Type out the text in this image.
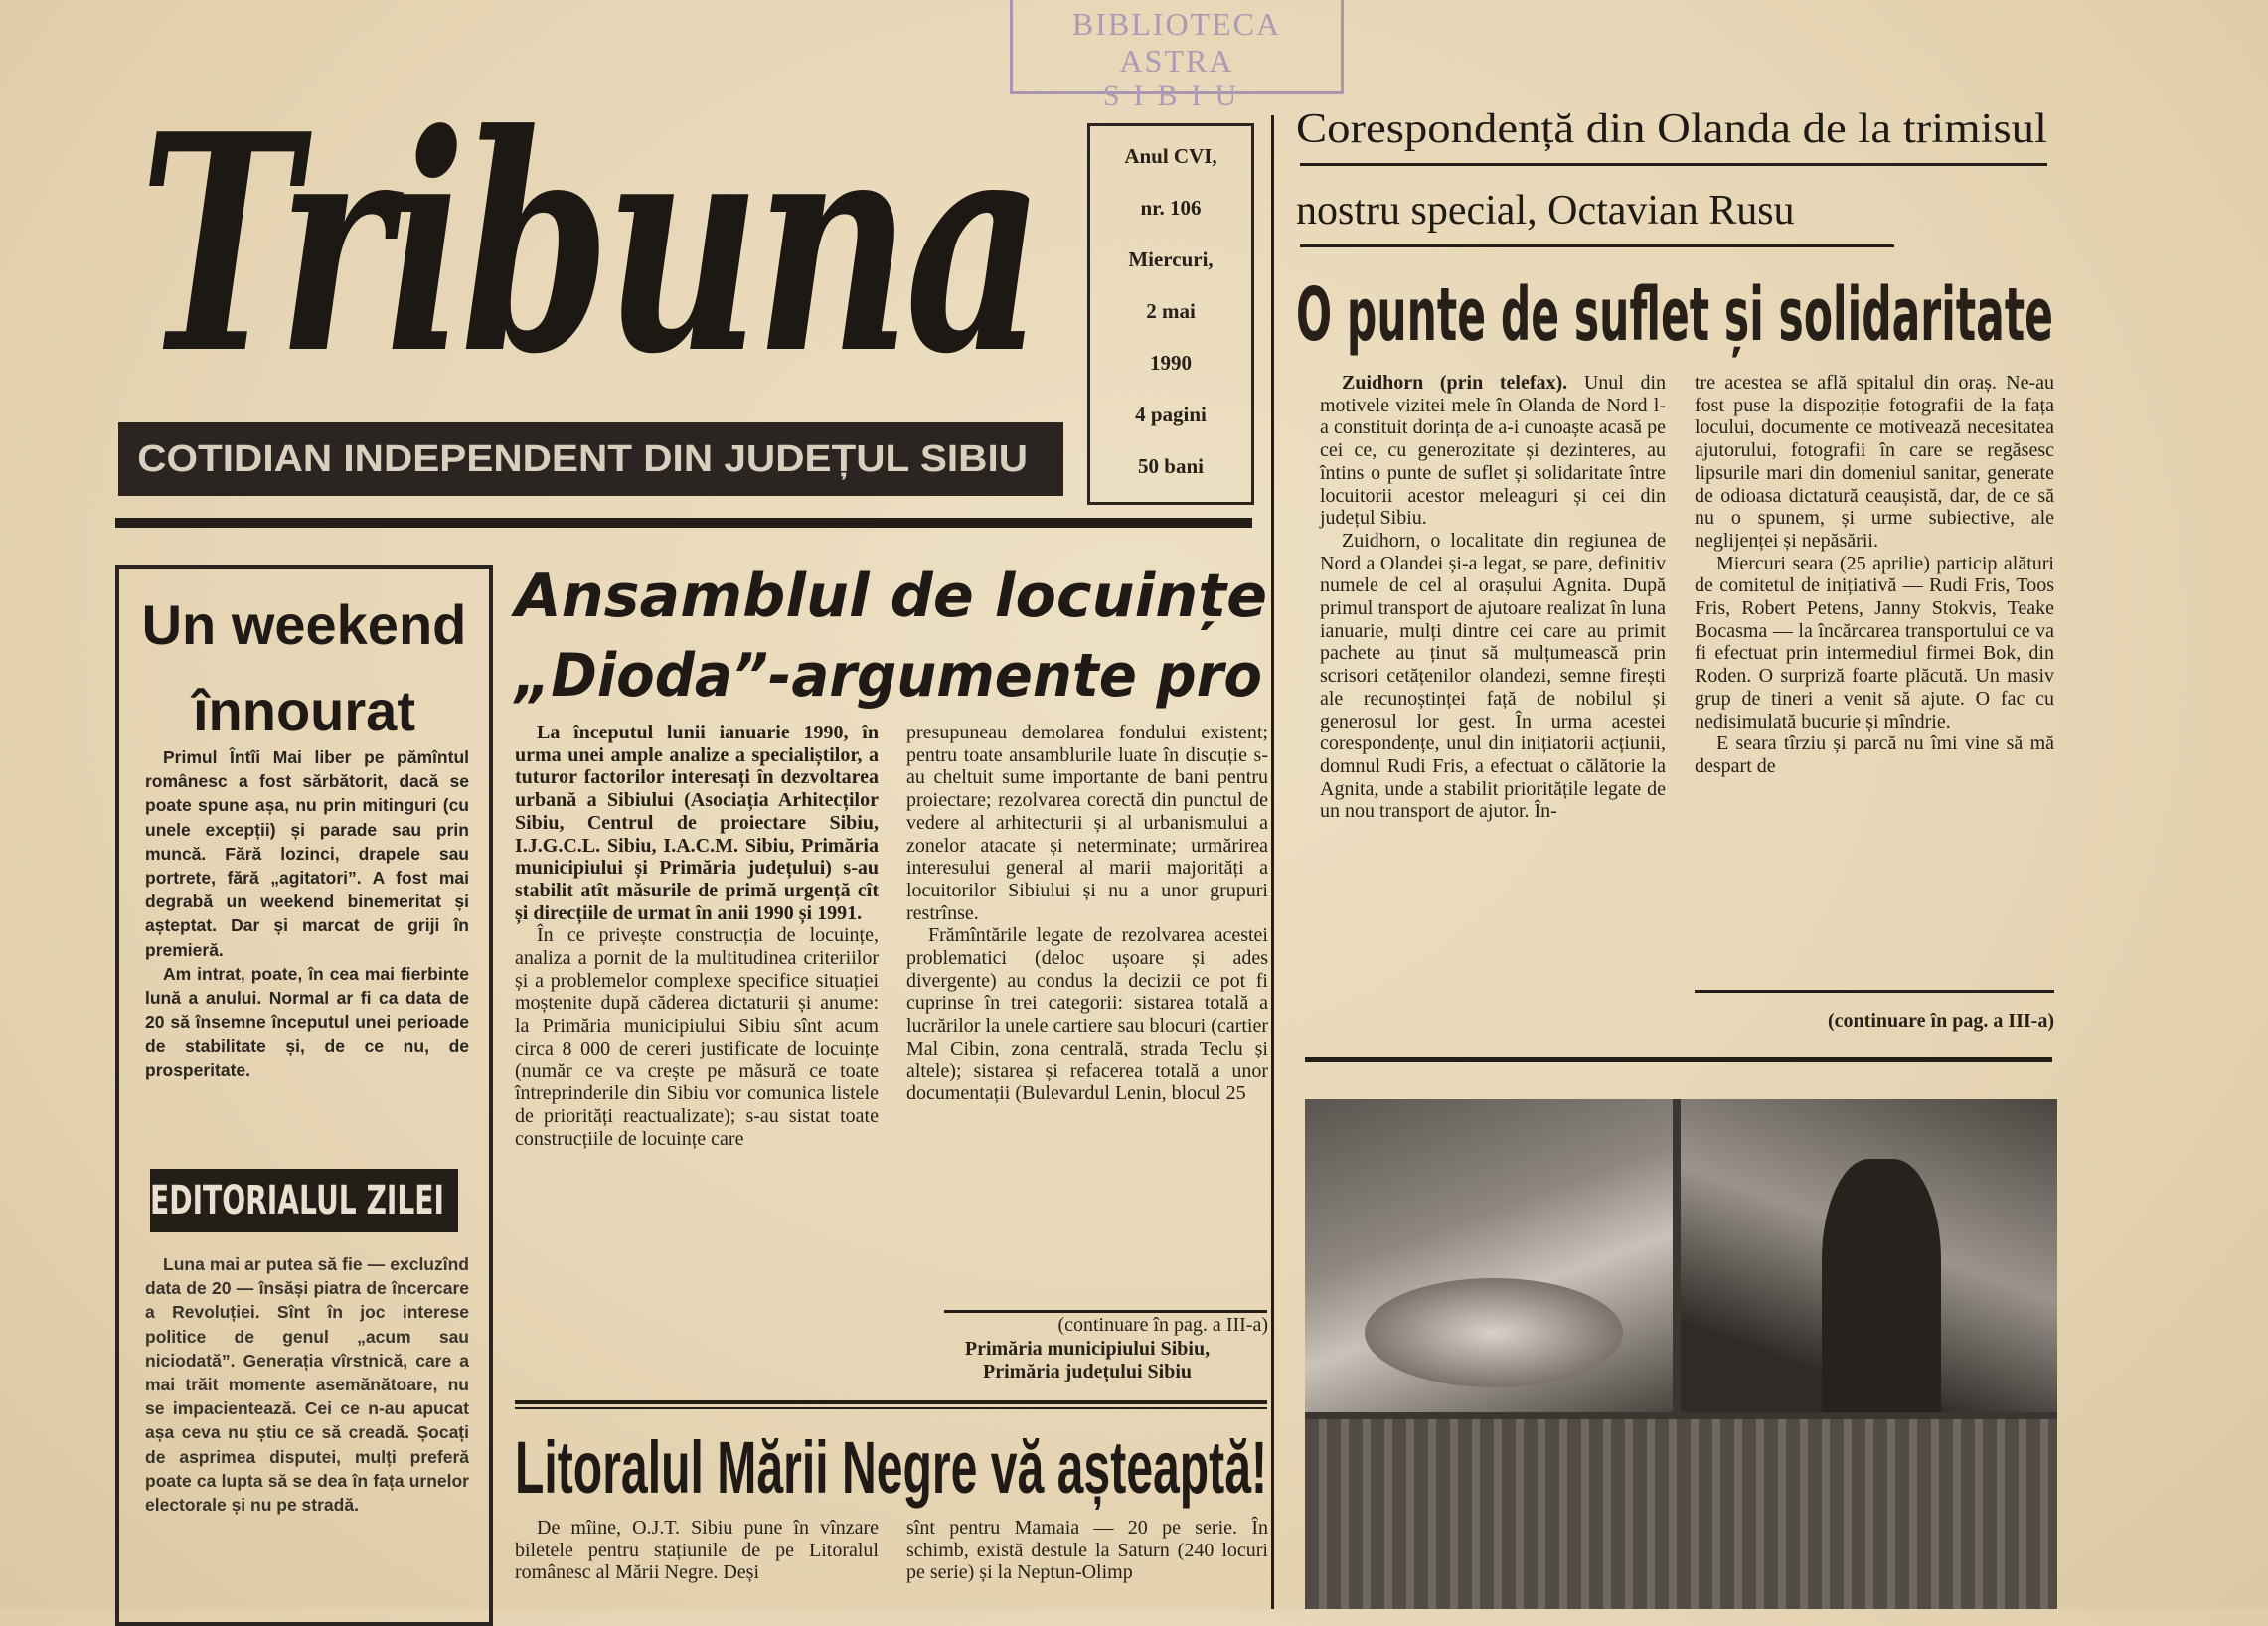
BIBLIOTECA ASTRA
SIBIU
Tribuna
COTIDIAN INDEPENDENT DIN JUDEȚUL SIBIU
Anul CVI,
nr. 106
Miercuri,
2 mai
1990
4 pagini
50 bani
Un weekend
înnourat

Primul Întîi Mai liber pe pămîntul românesc a fost sărbătorit, dacă se poate spune așa, nu prin mitinguri (cu unele excepții) și parade sau prin muncă. Fără lozinci, drapele sau portrete, fără „agitatori”. A fost mai degrabă un weekend binemeritat și așteptat. Dar și marcat de griji în premieră.

Am intrat, poate, în cea mai fierbinte lună a anului. Normal ar fi ca data de 20 să însemne începutul unei perioade de stabilitate și, de ce nu, de prosperitate.

EDITORIALUL ZILEI

Luna mai ar putea să fie — excluzînd data de 20 — însăși piatra de încercare a Revoluției. Sînt în joc interese politice de genul „acum sau niciodată”. Generația vîrstnică, care a mai trăit momente asemănătoare, nu se impacientează. Cei ce n-au apucat așa ceva nu știu ce să creadă. Șocați de asprimea disputei, mulți preferă poate ca lupta să se dea în fața urnelor electorale și nu pe stradă.

Ansamblul de locuințe
„Dioda”-argumente pro

La începutul lunii ianuarie 1990, în urma unei ample analize a specialiștilor, a tuturor factorilor interesați în dezvoltarea urbană a Sibiului (Asociația Arhitecților Sibiu, Centrul de proiectare Sibiu, I.J.G.C.L. Sibiu, I.A.C.M. Sibiu, Primăria municipiului și Primăria județului) s-au stabilit atît măsurile de primă urgență cît și direcțiile de urmat în anii 1990 și 1991.

În ce privește construcția de locuințe, analiza a pornit de la multitudinea criteriilor și a problemelor complexe specifice situației moștenite după căderea dictaturii și anume: la Primăria municipiului Sibiu sînt acum circa 8 000 de cereri justificate de locuințe (număr ce va crește pe măsură ce toate întreprinderile din Sibiu vor comunica listele de priorități reactualizate); s-au sistat toate construcțiile de locuințe care

presupuneau demolarea fondului existent; pentru toate ansamblurile luate în discuție s-au cheltuit sume importante de bani pentru proiectare; rezolvarea corectă din punctul de vedere al arhitecturii și al urbanismului a zonelor atacate și neterminate; urmărirea interesului general al marii majorități a locuitorilor Sibiului și nu a unor grupuri restrînse.

Frămîntările legate de rezolvarea acestei problematici (deloc ușoare și ades divergente) au condus la decizii ce pot fi cuprinse în trei categorii: sistarea totală a lucrărilor la unele cartiere sau blocuri (cartier Mal Cibin, zona centrală, strada Teclu și altele); sistarea și refacerea totală a unor documentații (Bulevardul Lenin, blocul 25

(continuare în pag. a III-a)
Primăria municipiului Sibiu,
Primăria județului Sibiu
Litoralul Mării Negre vă așteaptă!

De mîine, O.J.T. Sibiu pune în vînzare biletele pentru stațiunile de pe Litoralul românesc al Mării Negre. Deși

sînt pentru Mamaia — 20 pe serie. În schimb, există destule la Saturn (240 locuri pe serie) și la Neptun-Olimp

Corespondență din Olanda de la trimisul
nostru special, Octavian Rusu
O punte de suflet și solidaritate

Zuidhorn (prin telefax). Unul din motivele vizitei mele în Olanda de Nord l-a constituit dorința de a-i cunoaște acasă pe cei ce, cu generozitate și dezinteres, au întins o punte de suflet și solidaritate între locuitorii acestor meleaguri și cei din județul Sibiu.

Zuidhorn, o localitate din regiunea de Nord a Olandei și-a legat, se pare, definitiv numele de cel al orașului Agnita. După primul transport de ajutoare realizat în luna ianuarie, mulți dintre cei care au primit pachete au ținut să mulțumească prin scrisori cetățenilor olandezi, semne firești ale recunoștinței față de nobilul și generosul lor gest. În urma acestei corespondențe, unul din inițiatorii acțiunii, domnul Rudi Fris, a efectuat o călătorie la Agnita, unde a stabilit prioritățile legate de un nou transport de ajutor. În-

tre acestea se află spitalul din oraș. Ne-au fost puse la dispoziție fotografii de la fața locului, documente ce motivează necesitatea ajutorului, fotografii în care se regăsesc lipsurile mari din domeniul sanitar, generate de odioasa dictatură ceaușistă, dar, de ce să nu o spunem, și urme subiective, ale neglijenței și nepăsării.

Miercuri seara (25 aprilie) particip alături de comitetul de inițiativă — Rudi Fris, Toos Fris, Robert Petens, Janny Stokvis, Teake Bocasma — la încărcarea transportului ce va fi efectuat prin intermediul firmei Bok, din Roden. O surpriză foarte plăcută. Un masiv grup de tineri a venit să ajute. O fac cu nedisimulată bucurie și mîndrie.

E seara tîrziu și parcă nu îmi vine să mă despart de

(continuare în pag. a III-a)
